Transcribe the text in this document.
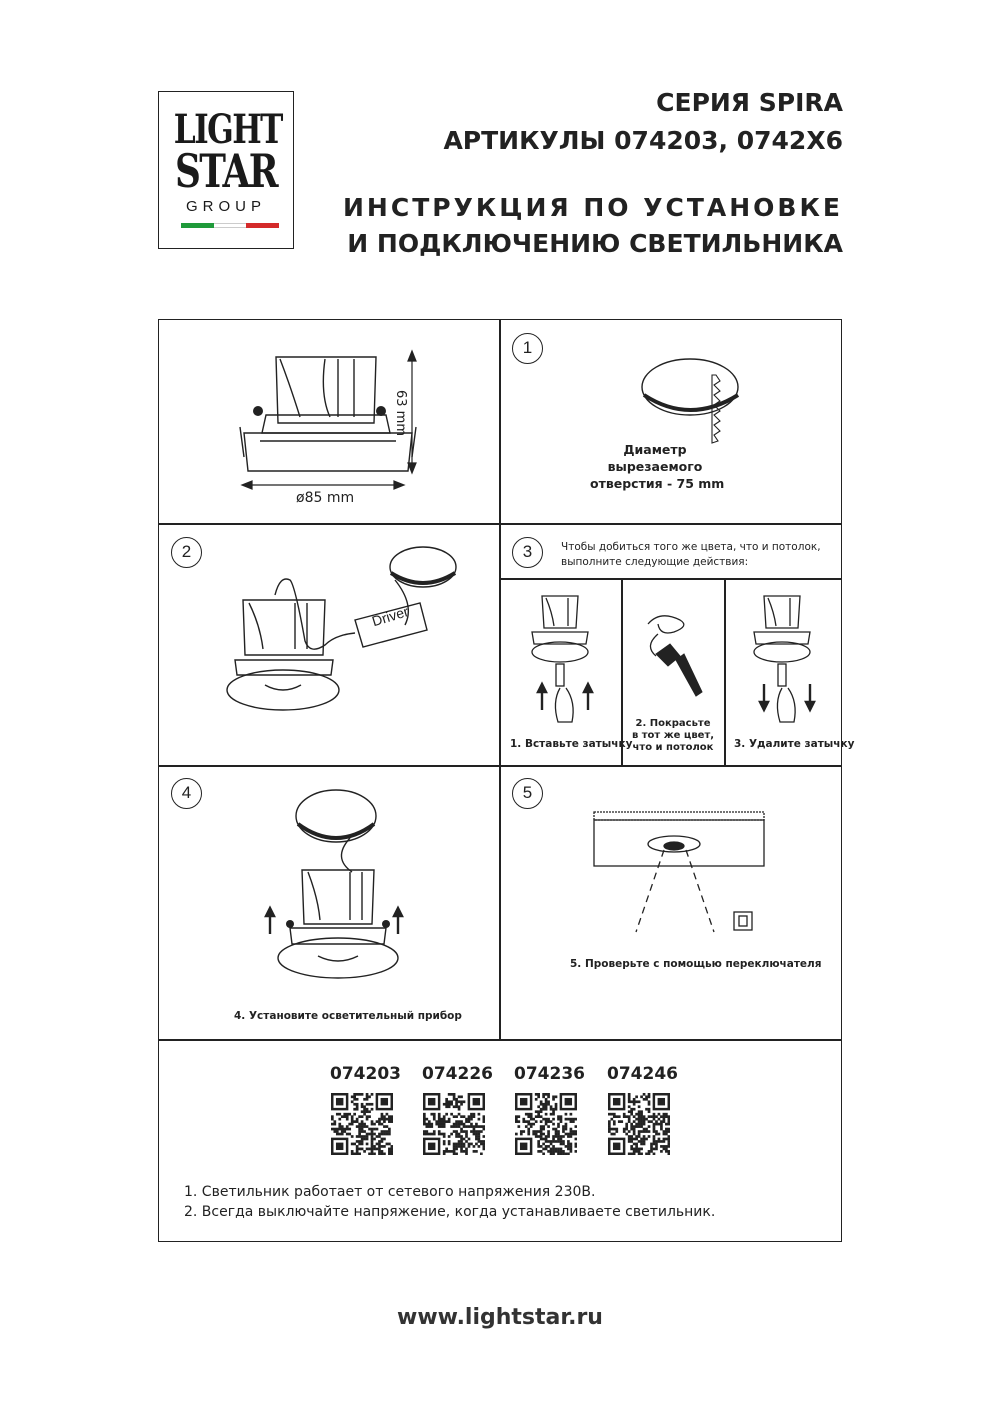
LIGHT
STAR
GROUP
СЕРИЯ SPIRA
АРТИКУЛЫ 074203, 0742X6
ИНСТРУКЦИЯ ПО УСТАНОВКЕ
И ПОДКЛЮЧЕНИЮ СВЕТИЛЬНИКА
ø85 mm
63 mm
1
Диаметр
вырезаемого
отверстия - 75 mm
2
Driver
3	Чтобы добиться того же цвета, что и потолок,
выполните следующие действия:
1. Вставьте затычку
2. Покрасьте
в тот же цвет,
что и потолок	3. Удалите затычку
4
4. Установите осветительный прибор
5
5. Проверьте с помощью переключателя
074203 074226 074236 074246
1. Светильник работает от сетевого напряжения 230В.
2. Всегда выключайте напряжение, когда устанавливаете светильник.
www.lightstar.ru
